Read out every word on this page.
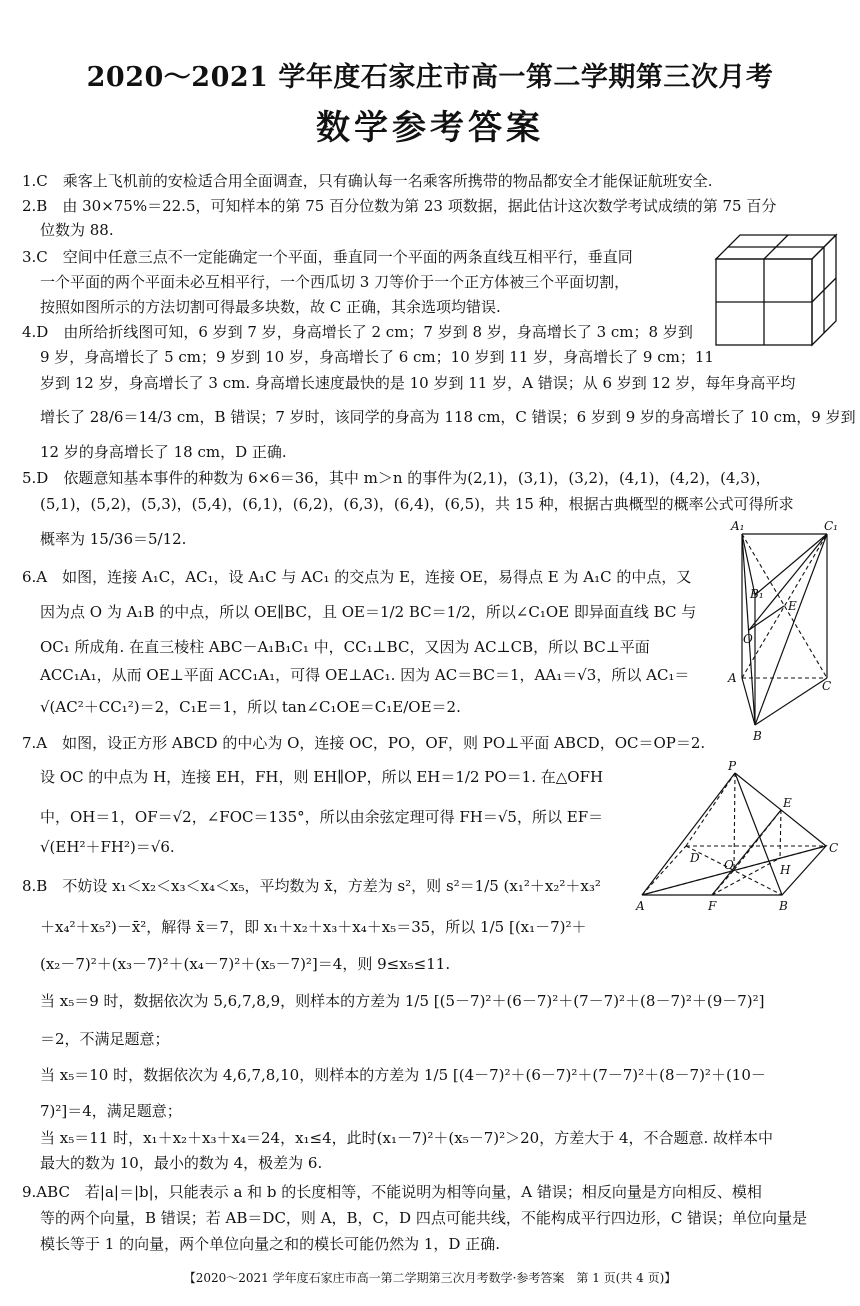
2020～2021 学年度石家庄市高一第二学期第三次月考
数学参考答案
1.C　乘客上飞机前的安检适合用全面调查，只有确认每一名乘客所携带的物品都安全才能保证航班安全.
2.B　由 30×75%＝22.5，可知样本的第 75 百分位数为第 23 项数据，据此估计这次数学考试成绩的第 75 百分
位数为 88.
3.C　空间中任意三点不一定能确定一个平面，垂直同一个平面的两条直线互相平行，垂直同
一个平面的两个平面未必互相平行，一个西瓜切 3 刀等价于一个正方体被三个平面切割，
按照如图所示的方法切割可得最多块数，故 C 正确，其余选项均错误.
4.D　由所给折线图可知，6 岁到 7 岁，身高增长了 2 cm；7 岁到 8 岁，身高增长了 3 cm；8 岁到
9 岁，身高增长了 5 cm；9 岁到 10 岁，身高增长了 6 cm；10 岁到 11 岁，身高增长了 9 cm；11
岁到 12 岁，身高增长了 3 cm. 身高增长速度最快的是 10 岁到 11 岁，A 错误；从 6 岁到 12 岁，每年身高平均
增长了 28/6＝14/3 cm，B 错误；7 岁时，该同学的身高为 118 cm，C 错误；6 岁到 9 岁的身高增长了 10 cm，9 岁到
12 岁的身高增长了 18 cm，D 正确.
5.D　依题意知基本事件的种数为 6×6＝36，其中 m＞n 的事件为(2,1)，(3,1)，(3,2)，(4,1)，(4,2)，(4,3)，
(5,1)，(5,2)，(5,3)，(5,4)，(6,1)，(6,2)，(6,3)，(6,4)，(6,5)，共 15 种，根据古典概型的概率公式可得所求
概率为 15/36＝5/12.
6.A　如图，连接 A₁C，AC₁，设 A₁C 与 AC₁ 的交点为 E，连接 OE，易得点 E 为 A₁C 的中点，又
因为点 O 为 A₁B 的中点，所以 OE∥BC，且 OE＝1/2 BC＝1/2，所以∠C₁OE 即异面直线 BC 与
OC₁ 所成角. 在直三棱柱 ABC－A₁B₁C₁ 中，CC₁⊥BC，又因为 AC⊥CB，所以 BC⊥平面
ACC₁A₁，从而 OE⊥平面 ACC₁A₁，可得 OE⊥AC₁. 因为 AC＝BC＝1，AA₁＝√3，所以 AC₁＝
√(AC²＋CC₁²)＝2，C₁E＝1，所以 tan∠C₁OE＝C₁E/OE＝2.
7.A　如图，设正方形 ABCD 的中心为 O，连接 OC，PO，OF，则 PO⊥平面 ABCD，OC＝OP＝2.
设 OC 的中点为 H，连接 EH，FH，则 EH∥OP，所以 EH＝1/2 PO＝1. 在△OFH
中，OH＝1，OF＝√2，∠FOC＝135°，所以由余弦定理可得 FH＝√5，所以 EF＝
√(EH²＋FH²)＝√6.
8.B　不妨设 x₁＜x₂＜x₃＜x₄＜x₅，平均数为 x̄，方差为 s²，则 s²＝1/5 (x₁²＋x₂²＋x₃²
＋x₄²＋x₅²)－x̄²，解得 x̄＝7，即 x₁＋x₂＋x₃＋x₄＋x₅＝35，所以 1/5 [(x₁－7)²＋
(x₂－7)²＋(x₃－7)²＋(x₄－7)²＋(x₅－7)²]＝4，则 9≤x₅≤11.
当 x₅＝9 时，数据依次为 5,6,7,8,9，则样本的方差为 1/5 [(5－7)²＋(6－7)²＋(7－7)²＋(8－7)²＋(9－7)²]
＝2，不满足题意；
当 x₅＝10 时，数据依次为 4,6,7,8,10，则样本的方差为 1/5 [(4－7)²＋(6－7)²＋(7－7)²＋(8－7)²＋(10－
7)²]＝4，满足题意；
当 x₅＝11 时，x₁＋x₂＋x₃＋x₄＝24，x₁≤4，此时(x₁－7)²＋(x₅－7)²＞20，方差大于 4，不合题意. 故样本中
最大的数为 10，最小的数为 4，极差为 6.
9.ABC　若|a|＝|b|，只能表示 a 和 b 的长度相等，不能说明为相等向量，A 错误；相反向量是方向相反、模相
等的两个向量，B 错误；若 AB＝DC，则 A，B，C，D 四点可能共线，不能构成平行四边形，C 错误；单位向量是
模长等于 1 的向量，两个单位向量之和的模长可能仍然为 1，D 正确.
A₁	C₁
B₁
E
O
A
C
B
P
E
D O
C
H
A	F	B
【2020～2021 学年度石家庄市高一第二学期第三次月考数学·参考答案　第 1 页(共 4 页)】
